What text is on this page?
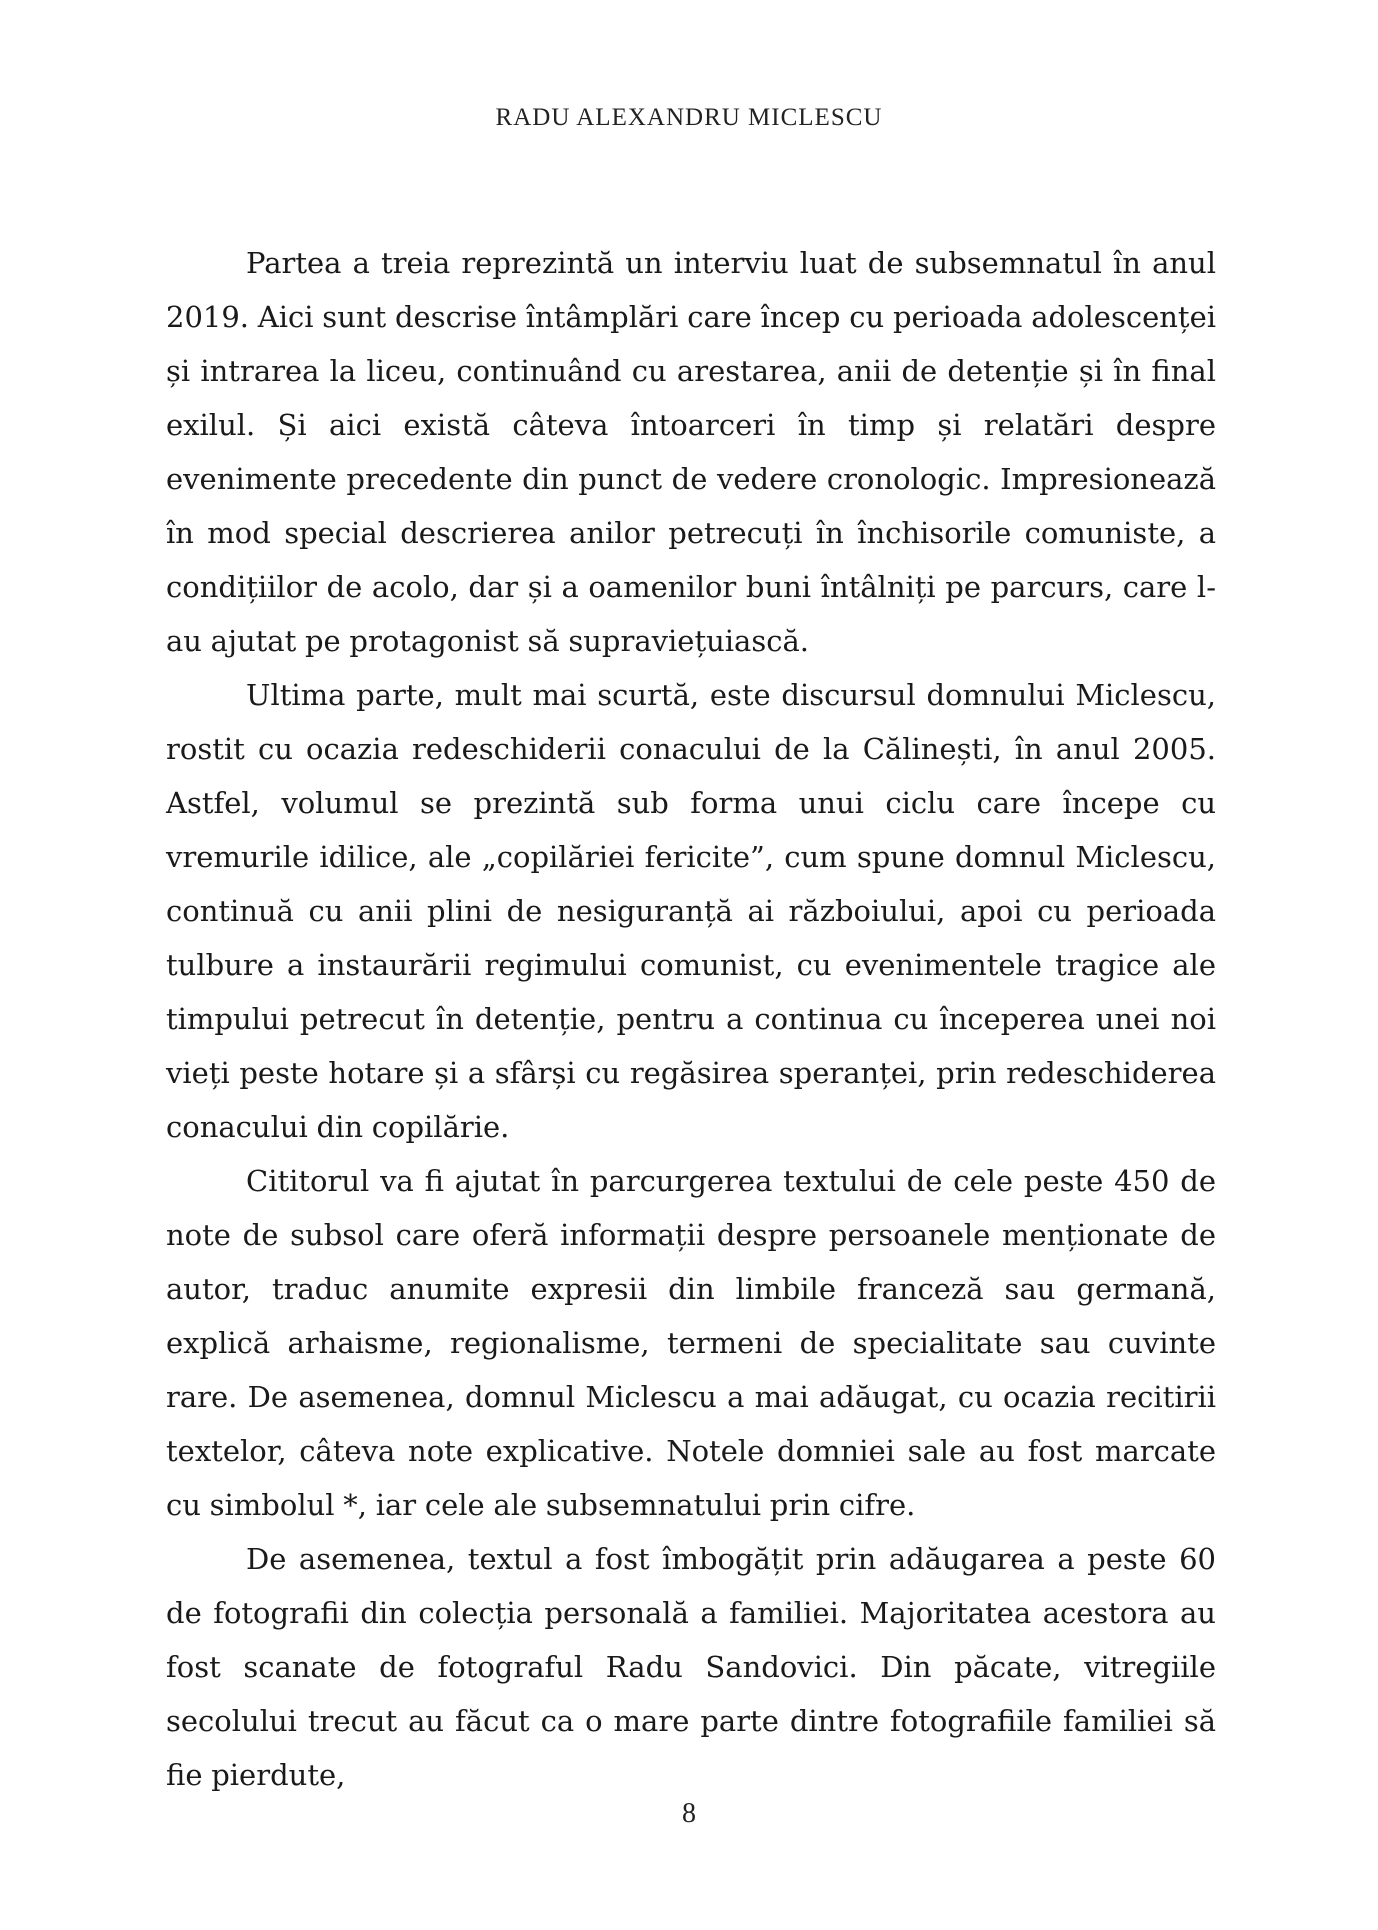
RADU ALEXANDRU MICLESCU

Partea a treia reprezintă un interviu luat de subsemnatul în anul 2019. Aici sunt descrise întâmplări care încep cu perioada adolescenței și intrarea la liceu, continuând cu arestarea, anii de detenție și în final exilul. Și aici există câteva întoarceri în timp și relatări despre evenimente precedente din punct de vedere cronologic. Impresionează în mod special descrierea anilor petrecuți în închisorile comuniste, a condițiilor de acolo, dar și a oamenilor buni întâlniți pe parcurs, care l-au ajutat pe protagonist să supraviețuiască.

Ultima parte, mult mai scurtă, este discursul domnului Miclescu, rostit cu ocazia redeschiderii conacului de la Călinești, în anul 2005. Astfel, volumul se prezintă sub forma unui ciclu care începe cu vremurile idilice, ale „copilăriei fericite”, cum spune domnul Miclescu, continuă cu anii plini de nesiguranță ai războiului, apoi cu perioada tulbure a instaurării regimului comunist, cu evenimentele tragice ale timpului petrecut în detenție, pentru a continua cu începerea unei noi vieți peste hotare și a sfârși cu regăsirea speranței, prin redeschiderea conacului din copilărie.

Cititorul va fi ajutat în parcurgerea textului de cele peste 450 de note de subsol care oferă informații despre persoanele menționate de autor, traduc anumite expresii din limbile franceză sau germană, explică arhaisme, regionalisme, termeni de specialitate sau cuvinte rare. De asemenea, domnul Miclescu a mai adăugat, cu ocazia recitirii textelor, câteva note explicative. Notele domniei sale au fost marcate cu simbolul *, iar cele ale subsemnatului prin cifre.

De asemenea, textul a fost îmbogățit prin adăugarea a peste 60 de fotografii din colecția personală a familiei. Majoritatea acestora au fost scanate de fotograful Radu Sandovici. Din păcate, vitregiile secolului trecut au făcut ca o mare parte dintre fotografiile familiei să fie pierdute,

8
